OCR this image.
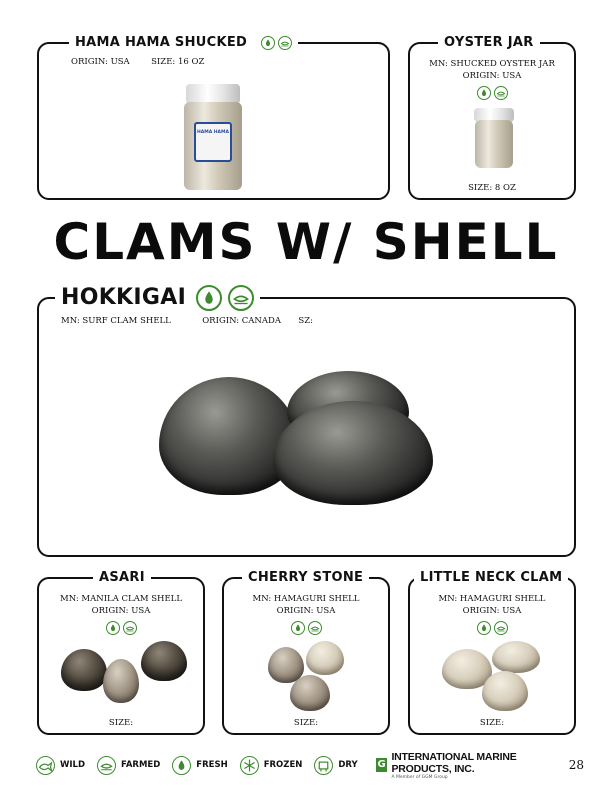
HAMA HAMA SHUCKED
ORIGIN: USA	SIZE: 16 OZ
HAMA HAMA
OYSTER JAR
MN: SHUCKED OYSTER JAR
ORIGIN: USA
SIZE: 8 OZ
CLAMS W/ SHELL
HOKKIGAI
MN: SURF CLAM SHELL	ORIGIN: CANADA SZ:
ASARI
MN: MANILA CLAM SHELL
ORIGIN: USA
SIZE:
CHERRY STONE
MN: HAMAGURI SHELL
ORIGIN: USA
SIZE:
LITTLE NECK CLAM
MN: HAMAGURI SHELL
ORIGIN: USA
SIZE:
WILD	FARMED	FRESH	FROZEN	DRY G
INTERNATIONAL MARINE PRODUCTS, INC.
A Member of GGM Group
28
